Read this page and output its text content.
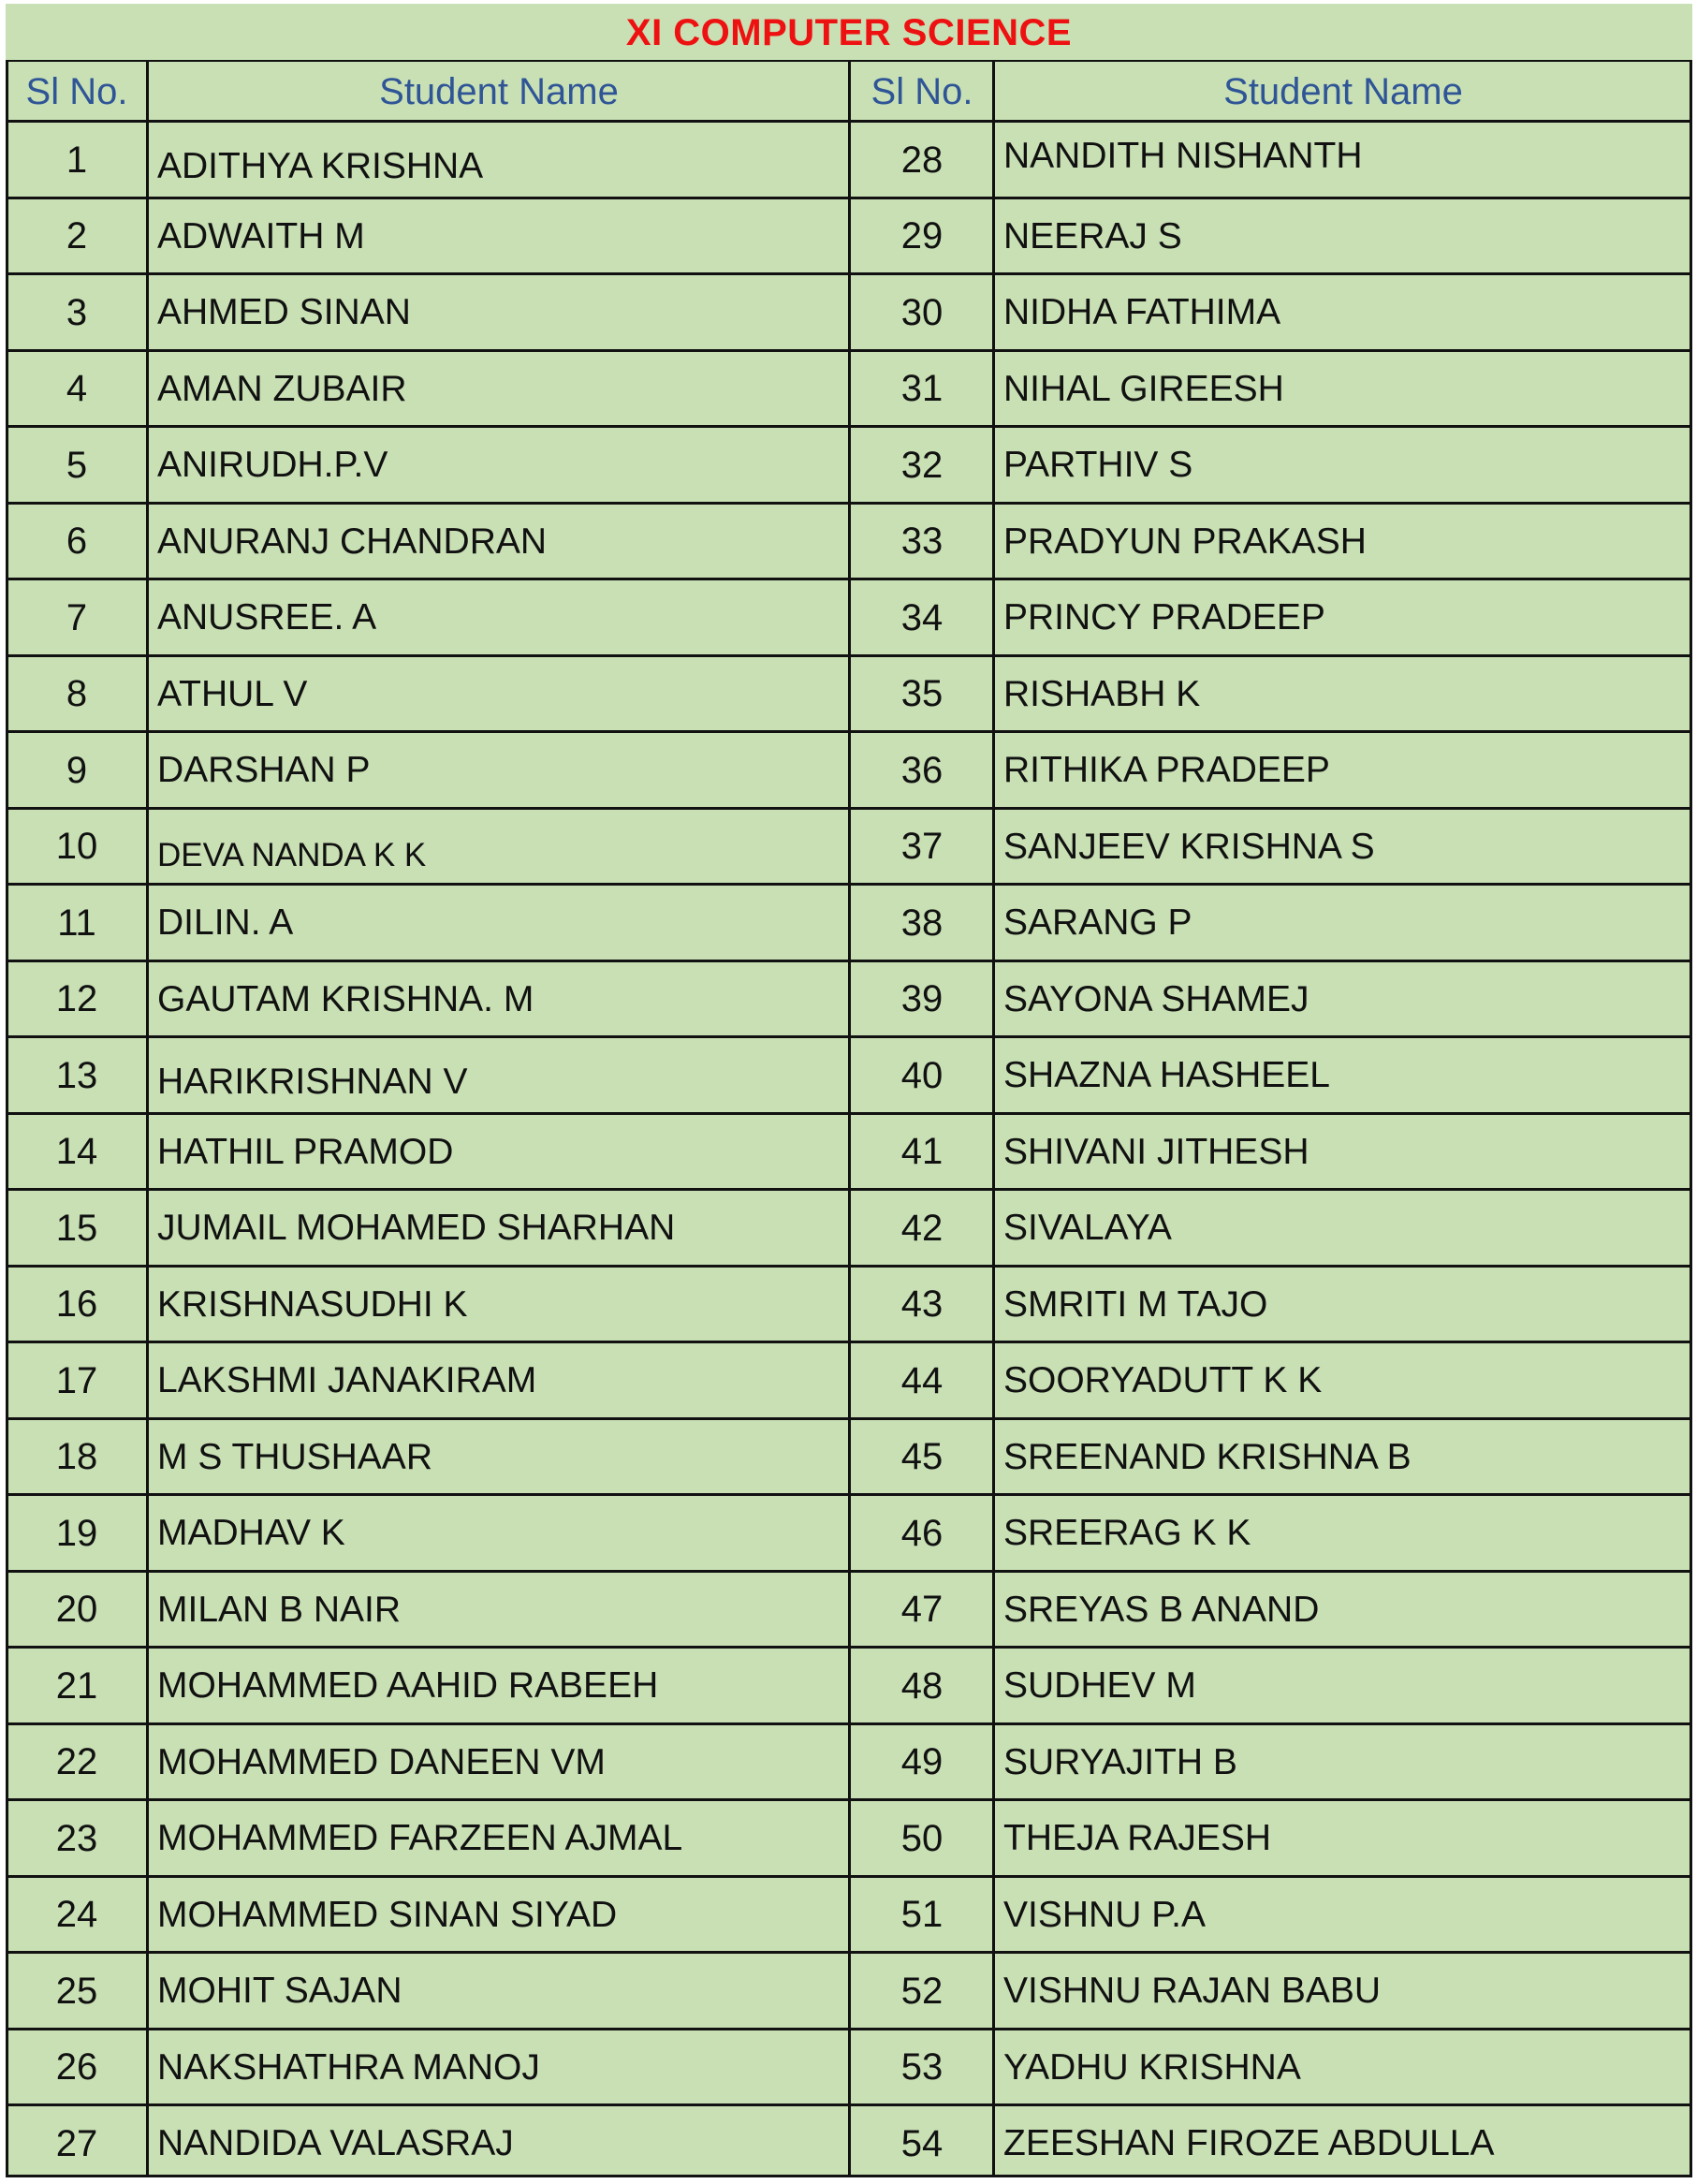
XI COMPUTER SCIENCE
Sl No.	Student Name	Sl No.	Student Name
1	ADITHYA KRISHNA	28	NANDITH NISHANTH
2	ADWAITH M	29	NEERAJ S
3	AHMED SINAN	30	NIDHA FATHIMA
4	AMAN ZUBAIR	31	NIHAL GIREESH
5	ANIRUDH.P.V	32	PARTHIV S
6	ANURANJ CHANDRAN	33	PRADYUN PRAKASH
7	ANUSREE. A	34	PRINCY PRADEEP
8	ATHUL V	35	RISHABH K
9	DARSHAN P	36	RITHIKA PRADEEP
10	DEVA NANDA K K	37	SANJEEV KRISHNA S
11	DILIN. A	38	SARANG P
12	GAUTAM KRISHNA. M	39	SAYONA SHAMEJ
13	HARIKRISHNAN V	40	SHAZNA HASHEEL
14	HATHIL PRAMOD	41	SHIVANI JITHESH
15	JUMAIL MOHAMED SHARHAN	42	SIVALAYA
16	KRISHNASUDHI K	43	SMRITI M TAJO
17	LAKSHMI JANAKIRAM	44	SOORYADUTT K K
18	M S THUSHAAR	45	SREENAND KRISHNA B
19	MADHAV K	46	SREERAG K K
20	MILAN B NAIR	47	SREYAS B ANAND
21	MOHAMMED AAHID RABEEH	48	SUDHEV M
22	MOHAMMED DANEEN VM	49	SURYAJITH B
23	MOHAMMED FARZEEN AJMAL	50	THEJA RAJESH
24	MOHAMMED SINAN SIYAD	51	VISHNU P.A
25	MOHIT SAJAN	52	VISHNU RAJAN BABU
26	NAKSHATHRA MANOJ	53	YADHU KRISHNA
27	NANDIDA VALASRAJ	54	ZEESHAN FIROZE ABDULLA
